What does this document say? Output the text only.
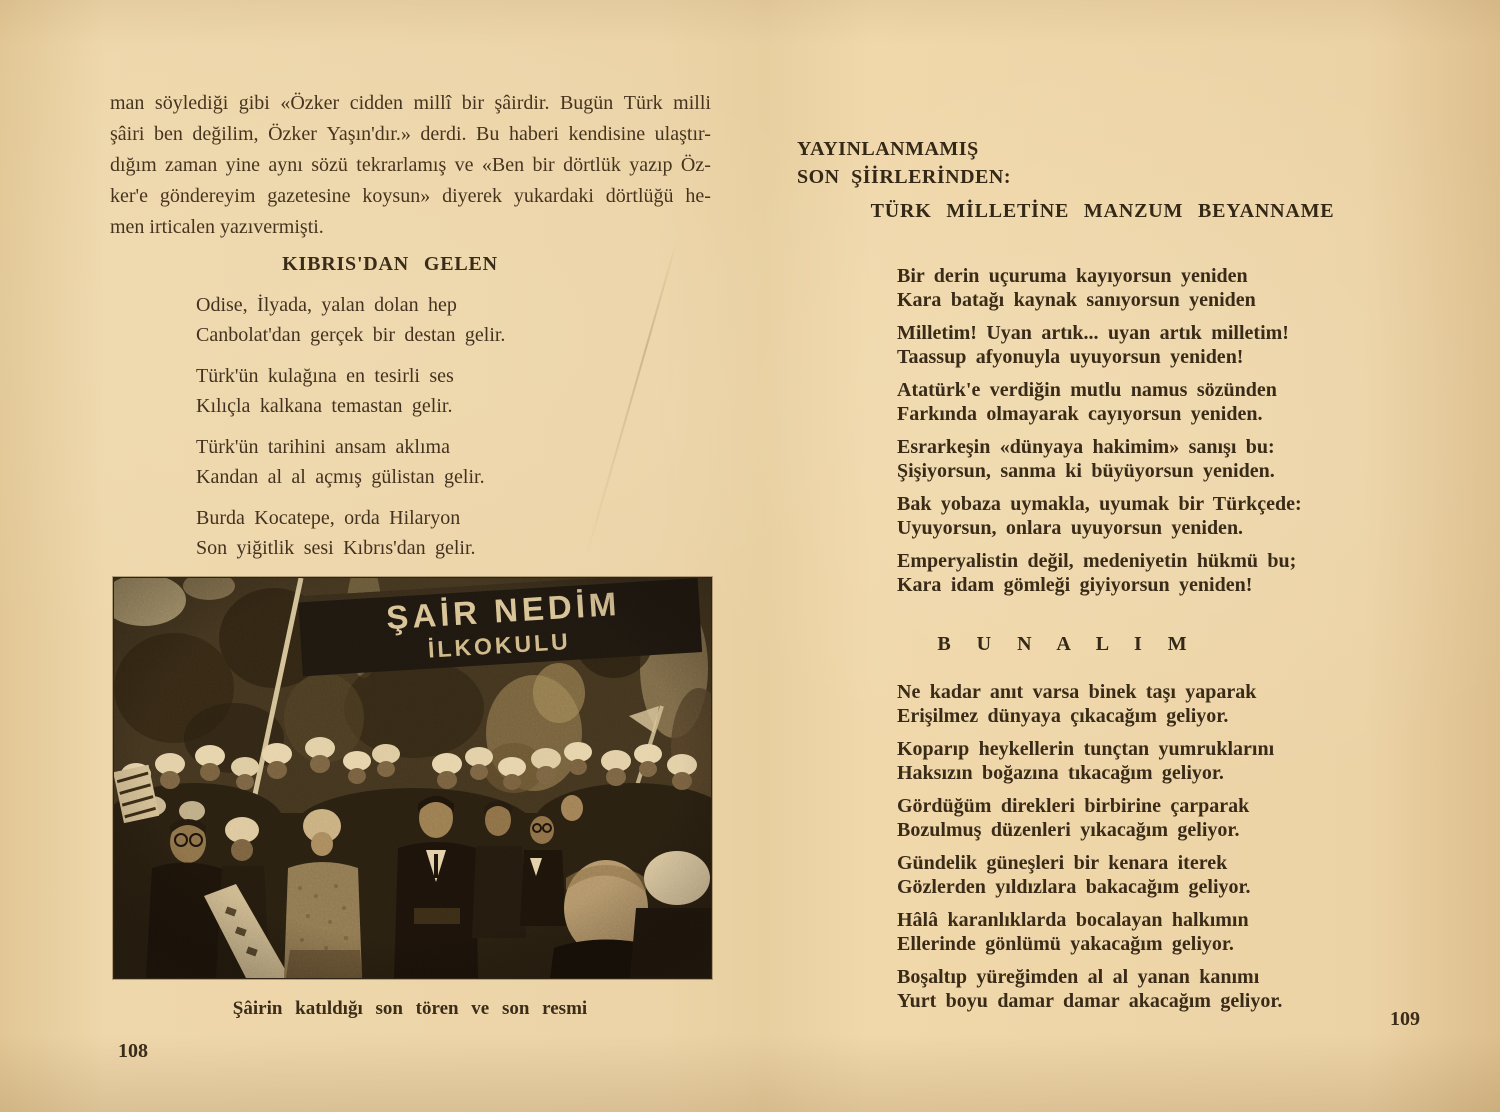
man söylediği gibi «Özker cidden millî bir şâirdir. Bugün Türk milli
şâiri ben değilim, Özker Yaşın'dır.» derdi. Bu haberi kendisine ulaştır-
dığım zaman yine aynı sözü tekrarlamış ve «Ben bir dörtlük yazıp Öz-
ker'e göndereyim gazetesine koysun» diyerek yukardaki dörtlüğü he-
men irticalen yazıvermişti.
KIBRIS'DAN GELEN
Odise, İlyada, yalan dolan hep
Canbolat'dan gerçek bir destan gelir.
Türk'ün kulağına en tesirli ses
Kılıçla kalkana temastan gelir.
Türk'ün tarihini ansam aklıma
Kandan al al açmış gülistan gelir.
Burda Kocatepe, orda Hilaryon
Son yiğitlik sesi Kıbrıs'dan gelir.
Şâirin katıldığı son tören ve son resmi
108
YAYINLANMAMIŞ
SON ŞİİRLERİNDEN:
TÜRK MİLLETİNE MANZUM BEYANNAME
Bir derin uçuruma kayıyorsun yeniden
Kara batağı kaynak sanıyorsun yeniden
Milletim! Uyan artık... uyan artık milletim!
Taassup afyonuyla uyuyorsun yeniden!
Atatürk'e verdiğin mutlu namus sözünden
Farkında olmayarak cayıyorsun yeniden.
Esrarkeşin «dünyaya hakimim» sanışı bu:
Şişiyorsun, sanma ki büyüyorsun yeniden.
Bak yobaza uymakla, uyumak bir Türkçede:
Uyuyorsun, onlara uyuyorsun yeniden.
Emperyalistin değil, medeniyetin hükmü bu;
Kara idam gömleği giyiyorsun yeniden!
B U N A L I M
Ne kadar anıt varsa binek taşı yaparak
Erişilmez dünyaya çıkacağım geliyor.
Koparıp heykellerin tunçtan yumruklarını
Haksızın boğazına tıkacağım geliyor.
Gördüğüm direkleri birbirine çarparak
Bozulmuş düzenleri yıkacağım geliyor.
Gündelik güneşleri bir kenara iterek
Gözlerden yıldızlara bakacağım geliyor.
Hâlâ karanlıklarda bocalayan halkımın
Ellerinde gönlümü yakacağım geliyor.
Boşaltıp yüreğimden al al yanan kanımı
Yurt boyu damar damar akacağım geliyor.
109
